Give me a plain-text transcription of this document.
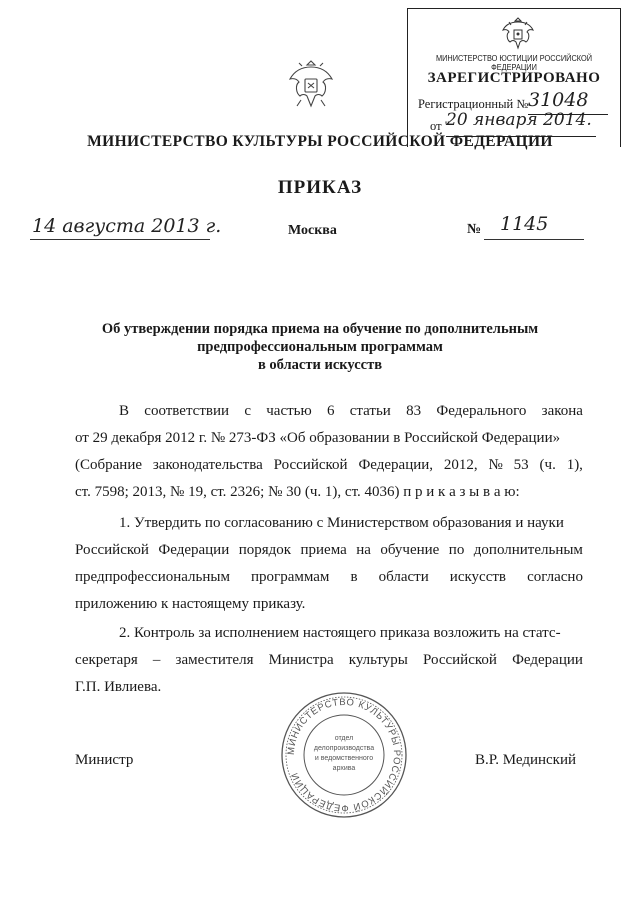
МИНИСТЕРСТВО ЮСТИЦИИ РОССИЙСКОЙ ФЕДЕРАЦИИ
ЗАРЕГИСТРИРОВАНО
Регистрационный № 31048
от "
20 января 2014.
МИНИСТЕРСТВО КУЛЬТУРЫ РОССИЙСКОЙ ФЕДЕРАЦИИ
ПРИКАЗ
14 августа 2013 г.	Москва	№ 1145
Об утверждении порядка приема на обучение по дополнительным
предпрофессиональным программам
в области искусств
В соответствии с частью 6 статьи 83 Федерального закона
от 29 декабря 2012 г. № 273-ФЗ «Об образовании в Российской Федерации»
(Собрание законодательства Российской Федерации, 2012, № 53 (ч. 1),
ст. 7598; 2013, № 19, ст. 2326; № 30 (ч. 1), ст. 4036) п р и к а з ы в а ю:
1. Утвердить по согласованию с Министерством образования и науки
Российской Федерации порядок приема на обучение по дополнительным
предпрофессиональным программам в области искусств согласно
приложению к настоящему приказу.
2. Контроль за исполнением настоящего приказа возложить на статс-
секретаря – заместителя Министра культуры Российской Федерации
Г.П. Ивлиева.
Министр	В.Р. Мединский
МИНИСТЕРСТВО КУЛЬТУРЫ РОССИЙСКОЙ ФЕДЕРАЦИИ
отдел
делопроизводства
и ведомственного
архива
